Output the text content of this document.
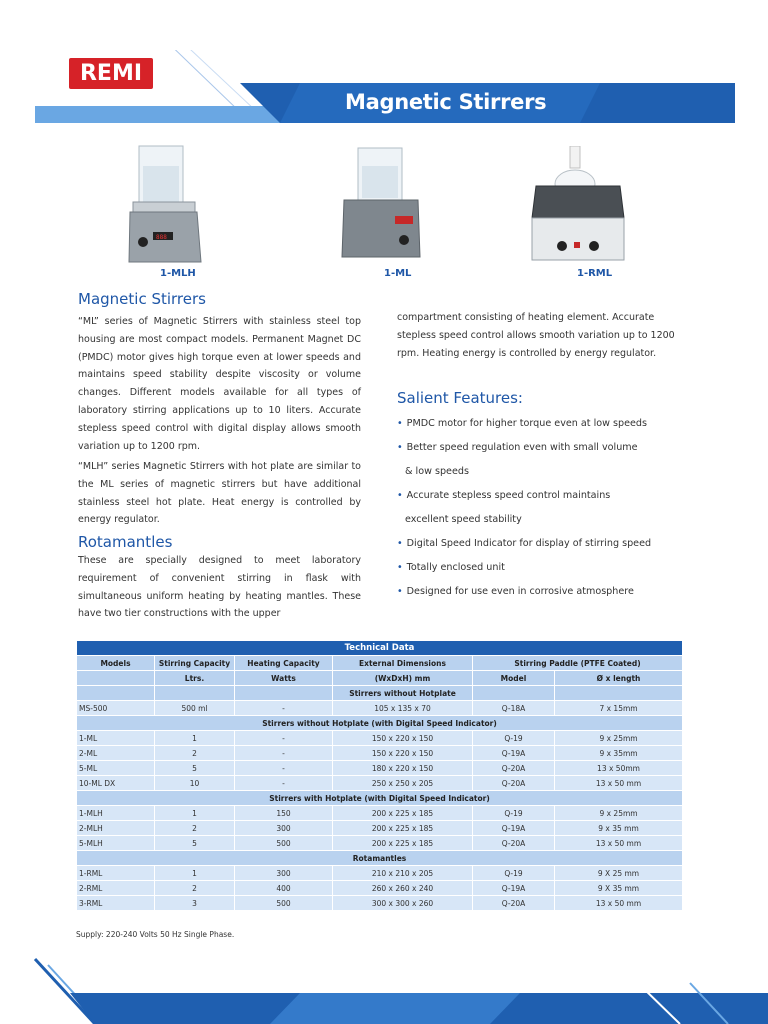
REMI
Magnetic Stirrers
888
1-MLH	1-ML	1-RML
Magnetic Stirrers
“ML” series of Magnetic Stirrers with stainless steel top housing are most compact models. Permanent Magnet DC (PMDC) motor gives high torque even at lower speeds and maintains speed stability despite viscosity or volume changes. Different models available for all types of laboratory stirring applications up to 10 liters. Accurate stepless speed control with digital display allows smooth variation up to 1200 rpm.
“MLH” series Magnetic Stirrers with hot plate are similar to the ML series of magnetic stirrers but have additional stainless steel hot plate. Heat energy is controlled by energy regulator.
Rotamantles
These are specially designed to meet laboratory requirement of convenient stirring in flask with simultaneous uniform heating by heating mantles. These have two tier constructions with the upper
compartment consisting of heating element. Accurate stepless speed control allows smooth variation up to 1200 rpm. Heating energy is controlled by energy regulator.
Salient Features:
• PMDC motor for higher torque even at low speeds
• Better speed regulation even with small volume
& low speeds
• Accurate stepless speed control maintains
excellent speed stability
• Digital Speed Indicator for display of stirring speed
• Totally enclosed unit
• Designed for use even in corrosive atmosphere
Technical Data					
Models	Stirring Capacity	Heating Capacity	External Dimensions	Stirring Paddle (PTFE Coated)	
	Ltrs.	Watts	(WxDxH) mm	Model	Ø x length
			Stirrers without Hotplate		
MS-500	500 ml	-	105 x 135 x 70	Q-18A	7 x 15mm
Stirrers without Hotplate (with Digital Speed Indicator)					
1-ML	1	-	150 x 220 x 150	Q-19	9 x 25mm
2-ML	2	-	150 x 220 x 150	Q-19A	9 x 35mm
5-ML	5	-	180 x 220 x 150	Q-20A	13 x 50mm
10-ML DX	10	-	250 x 250 x 205	Q-20A	13 x 50 mm
Stirrers with Hotplate (with Digital Speed Indicator)					
1-MLH	1	150	200 x 225 x 185	Q-19	9 x 25mm
2-MLH	2	300	200 x 225 x 185	Q-19A	9 x 35 mm
5-MLH	5	500	200 x 225 x 185	Q-20A	13 x 50 mm
Rotamantles					
1-RML	1	300	210 x 210 x 205	Q-19	9 X 25 mm
2-RML	2	400	260 x 260 x 240	Q-19A	9 X 35 mm
3-RML	3	500	300 x 300 x 260	Q-20A	13 x 50 mm
Supply: 220-240 Volts 50 Hz Single Phase.
